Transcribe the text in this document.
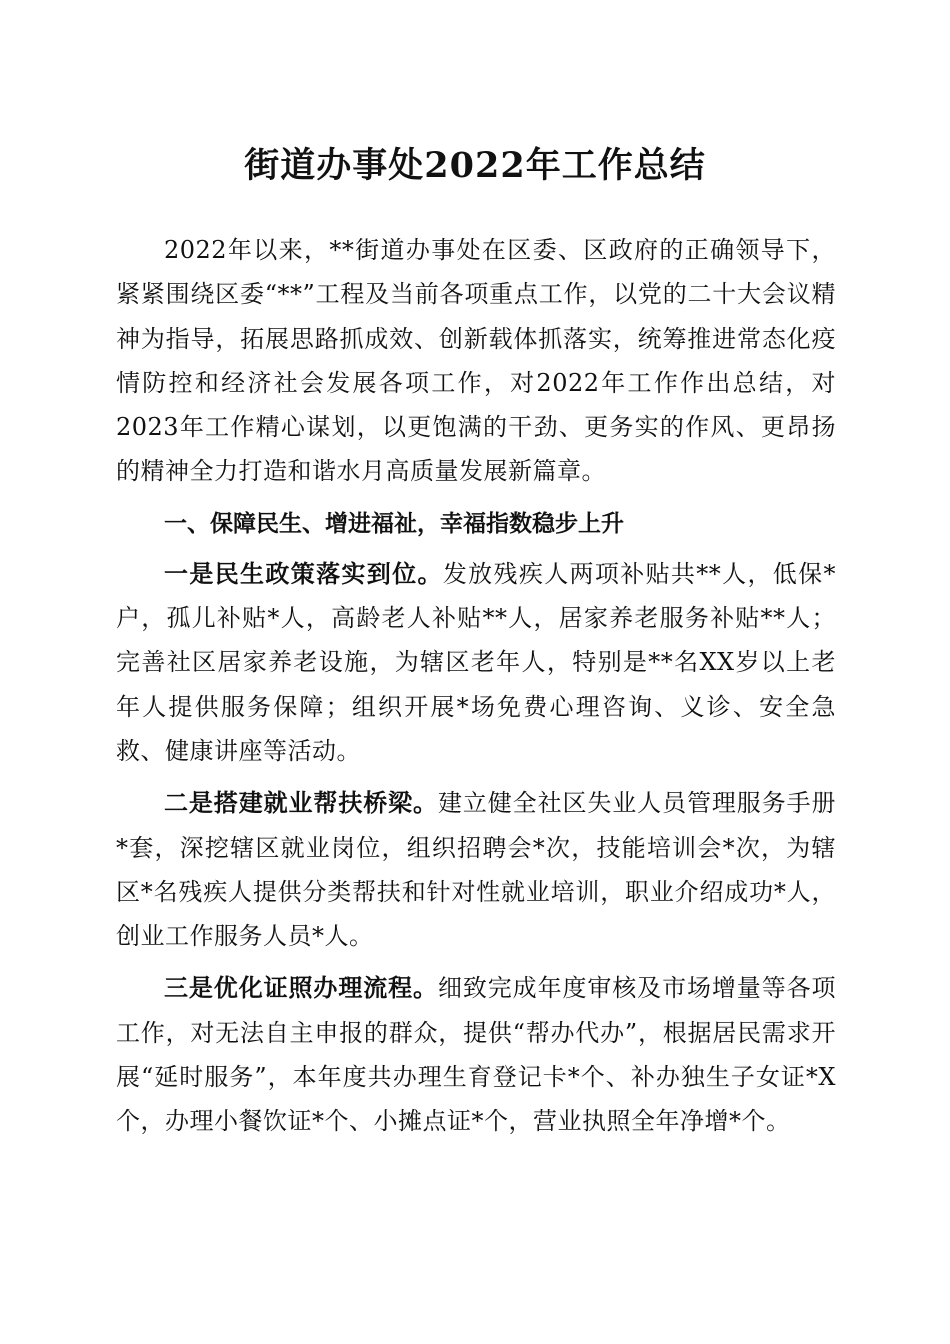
街道办事处2022年工作总结

2022年以来，**街道办事处在区委、区政府的正确领导下，紧紧围绕区委“**”工程及当前各项重点工作，以党的二十大会议精神为指导，拓展思路抓成效、创新载体抓落实，统筹推进常态化疫情防控和经济社会发展各项工作，对2022年工作作出总结，对2023年工作精心谋划，以更饱满的干劲、更务实的作风、更昂扬的精神全力打造和谐水月高质量发展新篇章。

一、保障民生、增进福祉，幸福指数稳步上升

一是民生政策落实到位。发放残疾人两项补贴共**人，低保*户，孤儿补贴*人，高龄老人补贴**人，居家养老服务补贴**人；完善社区居家养老设施，为辖区老年人，特别是**名XX岁以上老年人提供服务保障；组织开展*场免费心理咨询、义诊、安全急救、健康讲座等活动。

二是搭建就业帮扶桥梁。建立健全社区失业人员管理服务手册*套，深挖辖区就业岗位，组织招聘会*次，技能培训会*次，为辖区*名残疾人提供分类帮扶和针对性就业培训，职业介绍成功*人，创业工作服务人员*人。

三是优化证照办理流程。细致完成年度审核及市场增量等各项工作，对无法自主申报的群众，提供“帮办代办”，根据居民需求开展“延时服务”，本年度共办理生育登记卡*个、补办独生子女证*X个，办理小餐饮证*个、小摊点证*个，营业执照全年净增*个。
